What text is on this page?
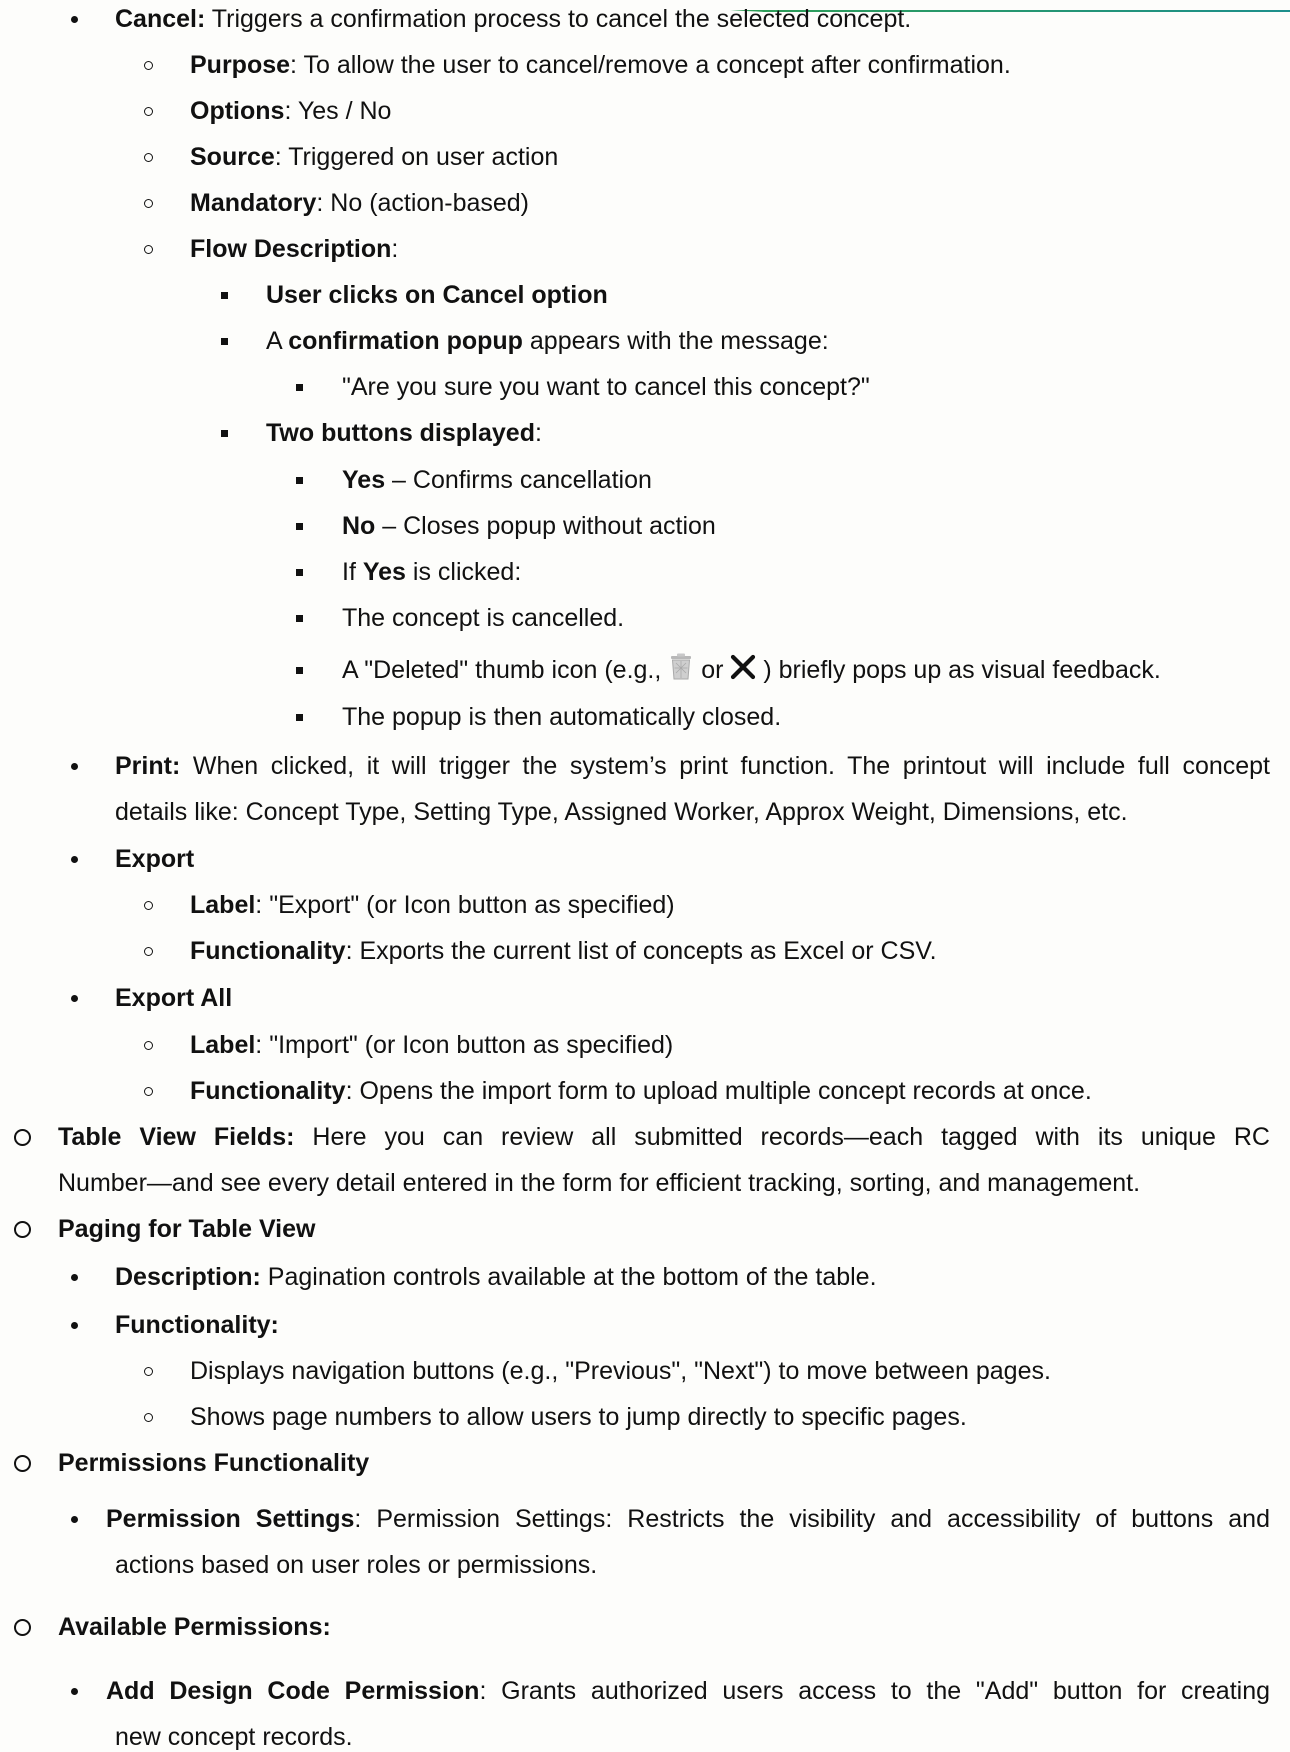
Cancel: Triggers a confirmation process to cancel the selected concept.
Purpose: To allow the user to cancel/remove a concept after confirmation.
Options: Yes / No
Source: Triggered on user action
Mandatory: No (action-based)
Flow Description:
User clicks on Cancel option
A confirmation popup appears with the message:
"Are you sure you want to cancel this concept?"
Two buttons displayed:
Yes – Confirms cancellation
No – Closes popup without action
If Yes is clicked:
The concept is cancelled.
A "Deleted" thumb icon (e.g.,  or  ) briefly pops up as visual feedback.
The popup is then automatically closed.
Print: When clicked, it will trigger the system’s print function. The printout will include full concept
details like: Concept Type, Setting Type, Assigned Worker, Approx Weight, Dimensions, etc.
Export
Label: "Export" (or Icon button as specified)
Functionality: Exports the current list of concepts as Excel or CSV.
Export All
Label: "Import" (or Icon button as specified)
Functionality: Opens the import form to upload multiple concept records at once.
Table View Fields: Here you can review all submitted records—each tagged with its unique RC
Number—and see every detail entered in the form for efficient tracking, sorting, and management.
Paging for Table View
Description: Pagination controls available at the bottom of the table.
Functionality:
Displays navigation buttons (e.g., "Previous", "Next") to move between pages.
Shows page numbers to allow users to jump directly to specific pages.
Permissions Functionality
Permission Settings: Permission Settings: Restricts the visibility and accessibility of buttons and
actions based on user roles or permissions.
Available Permissions:
Add Design Code Permission: Grants authorized users access to the "Add" button for creating
new concept records.
